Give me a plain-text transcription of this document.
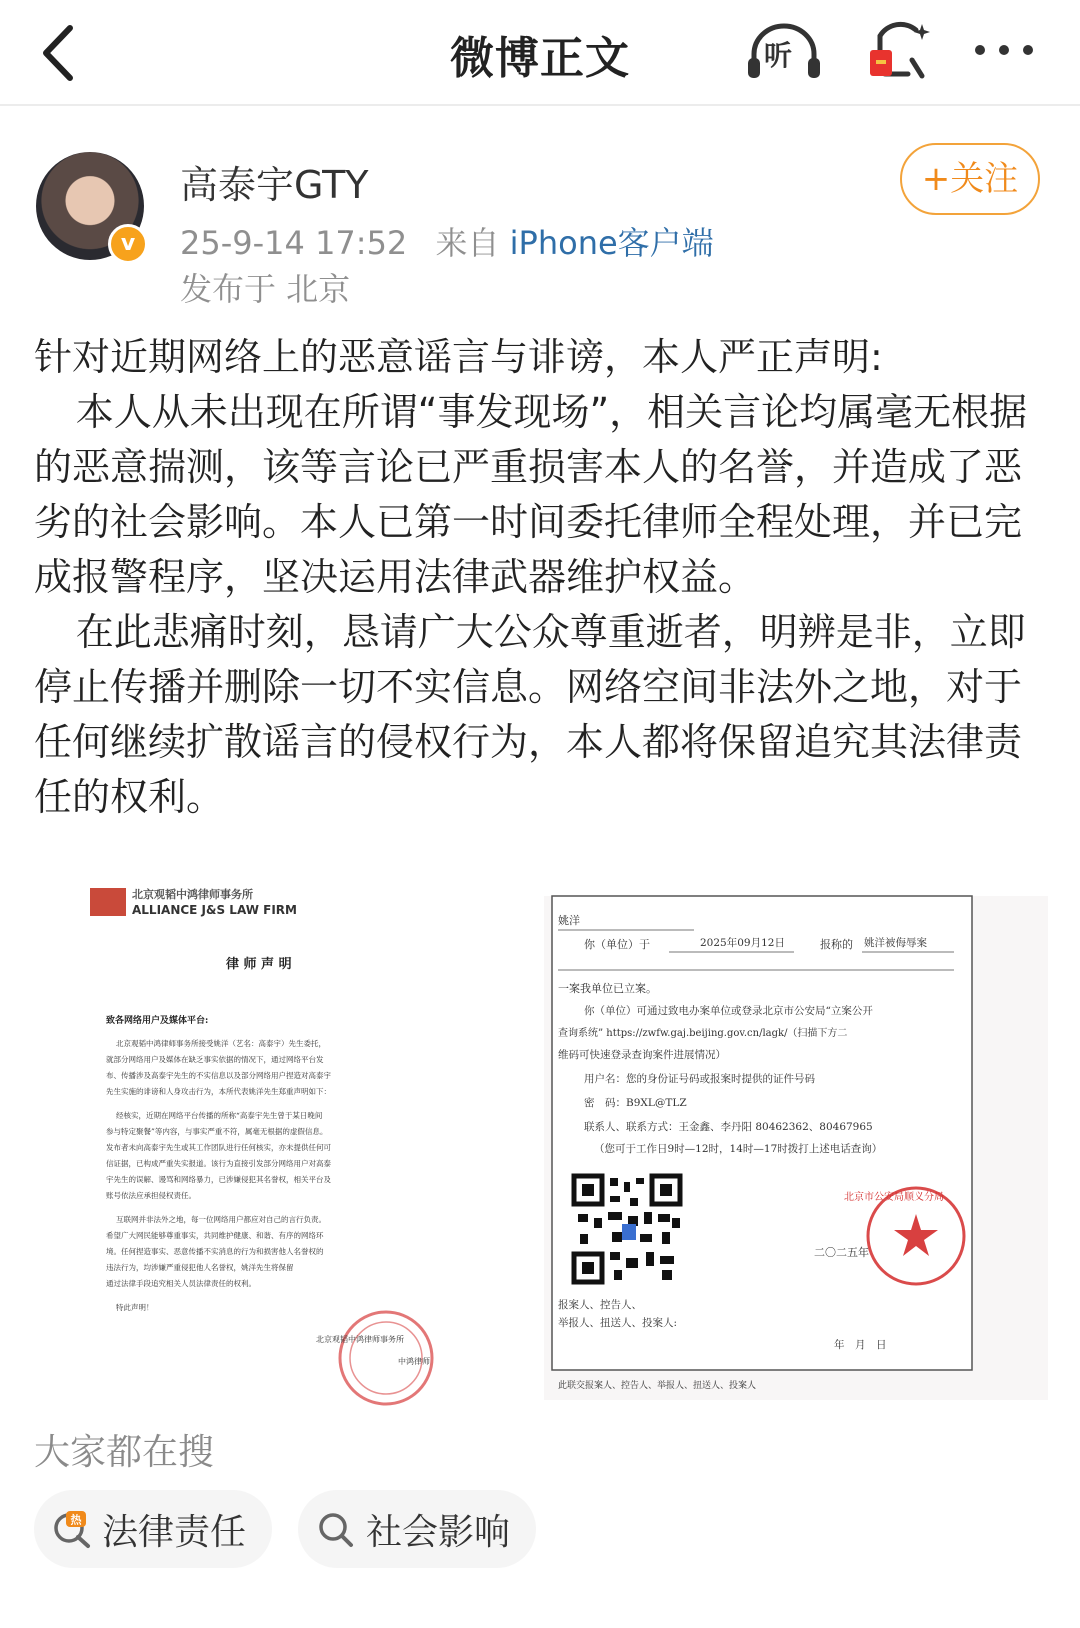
微博正文	听
v
高泰宇GTY
25-9-14 17:52 来自 iPhone客户端
发布于 北京
+关注

针对近期网络上的恶意谣言与诽谤，本人严正声明:

本人从未出现在所谓“事发现场”，相关言论均属毫无根据的恶意揣测，该等言论已严重损害本人的名誉，并造成了恶劣的社会影响。本人已第一时间委托律师全程处理，并已完成报警程序，坚决运用法律武器维护权益。

在此悲痛时刻，恳请广大公众尊重逝者，明辨是非，立即停止传播并删除一切不实信息。网络空间非法外之地，对于任何继续扩散谣言的侵权行为，本人都将保留追究其法律责任的权利。

北京观韬中鸿律师事务所
ALLIANCE J&S LAW FIRM
律 师 声 明
致各网络用户及媒体平台:
北京观韬中鸿律师事务所接受姚洋（艺名：高泰宇）先生委托，
就部分网络用户及媒体在缺乏事实依据的情况下，通过网络平台发
布、传播涉及高泰宇先生的不实信息以及部分网络用户捏造对高泰宇
先生实施的诽谤和人身攻击行为，本所代表姚洋先生郑重声明如下：
经核实，近期在网络平台传播的所称“高泰宇先生曾于某日晚间
参与特定聚餐”等内容，与事实严重不符，属毫无根据的虚假信息。
发布者未向高泰宇先生或其工作团队进行任何核实，亦未提供任何可
信证据，已构成严重失实报道。该行为直接引发部分网络用户对高泰
宇先生的误解、谩骂和网络暴力，已涉嫌侵犯其名誉权，相关平台及
账号依法应承担侵权责任。
互联网并非法外之地，每一位网络用户都应对自己的言行负责。
希望广大网民能够尊重事实，共同维护健康、和谐、有序的网络环
境。任何捏造事实、恶意传播不实消息的行为和损害他人名誉权的
违法行为，均涉嫌严重侵犯他人名誉权，姚洋先生将保留
通过法律手段追究相关人员法律责任的权利。
特此声明！
北京观韬中鸿律师事务所
中鸿律师
姚洋
你（单位）于	2025年09月12日	报称的 姚洋被侮辱案
一案我单位已立案。
你（单位）可通过致电办案单位或登录北京市公安局“立案公开
查询系统” https://zwfw.gaj.beijing.gov.cn/lagk/（扫描下方二
维码可快速登录查询案件进展情况）
用户名：您的身份证号码或报案时提供的证件号码
密　码：B9XL@TLZ
联系人、联系方式：王金鑫、李丹阳 80462362、80467965
（您可于工作日9时—12时，14时—17时拨打上述电话查询）
北京市公安局顺义分局
二〇二五年
报案人、控告人、
举报人、扭送人、投案人:
年　月　日
此联交报案人、控告人、举报人、扭送人、投案人
大家都在搜
热 法律责任	社会影响
